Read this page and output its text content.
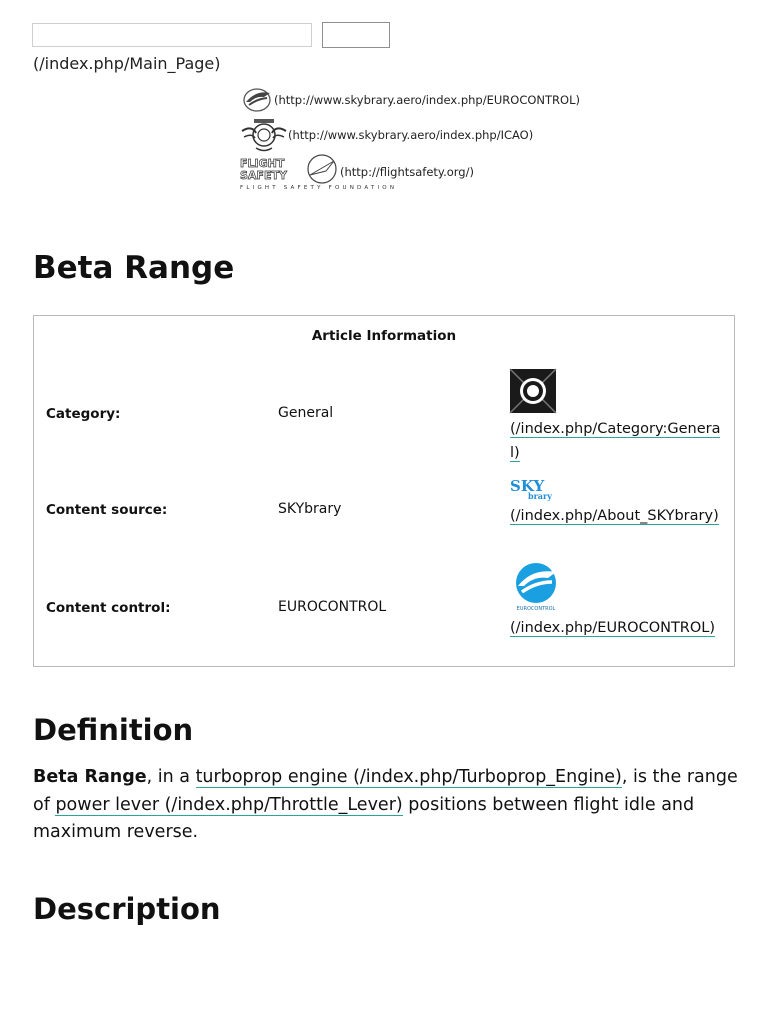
(/index.php/Main_Page)
(http://www.skybrary.aero/index.php/EUROCONTROL)
(http://www.skybrary.aero/index.php/ICAO)
FLIGHT
SAFETY
FLIGHT SAFETY FOUNDATION
(http://flightsafety.org/)
Beta Range
Article Information
Category:	General
(/index.php/Category:General)
Content source:	SKYbrary
SKY
brary
(/index.php/About_SKYbrary)
Content control:	EUROCONTROL	EUROCONTROL
(/index.php/EUROCONTROL)
Definition

Beta Range, in a turboprop engine (/index.php/Turboprop_Engine), is the range of power lever (/index.php/Throttle_Lever) positions between flight idle and maximum reverse.

Description
